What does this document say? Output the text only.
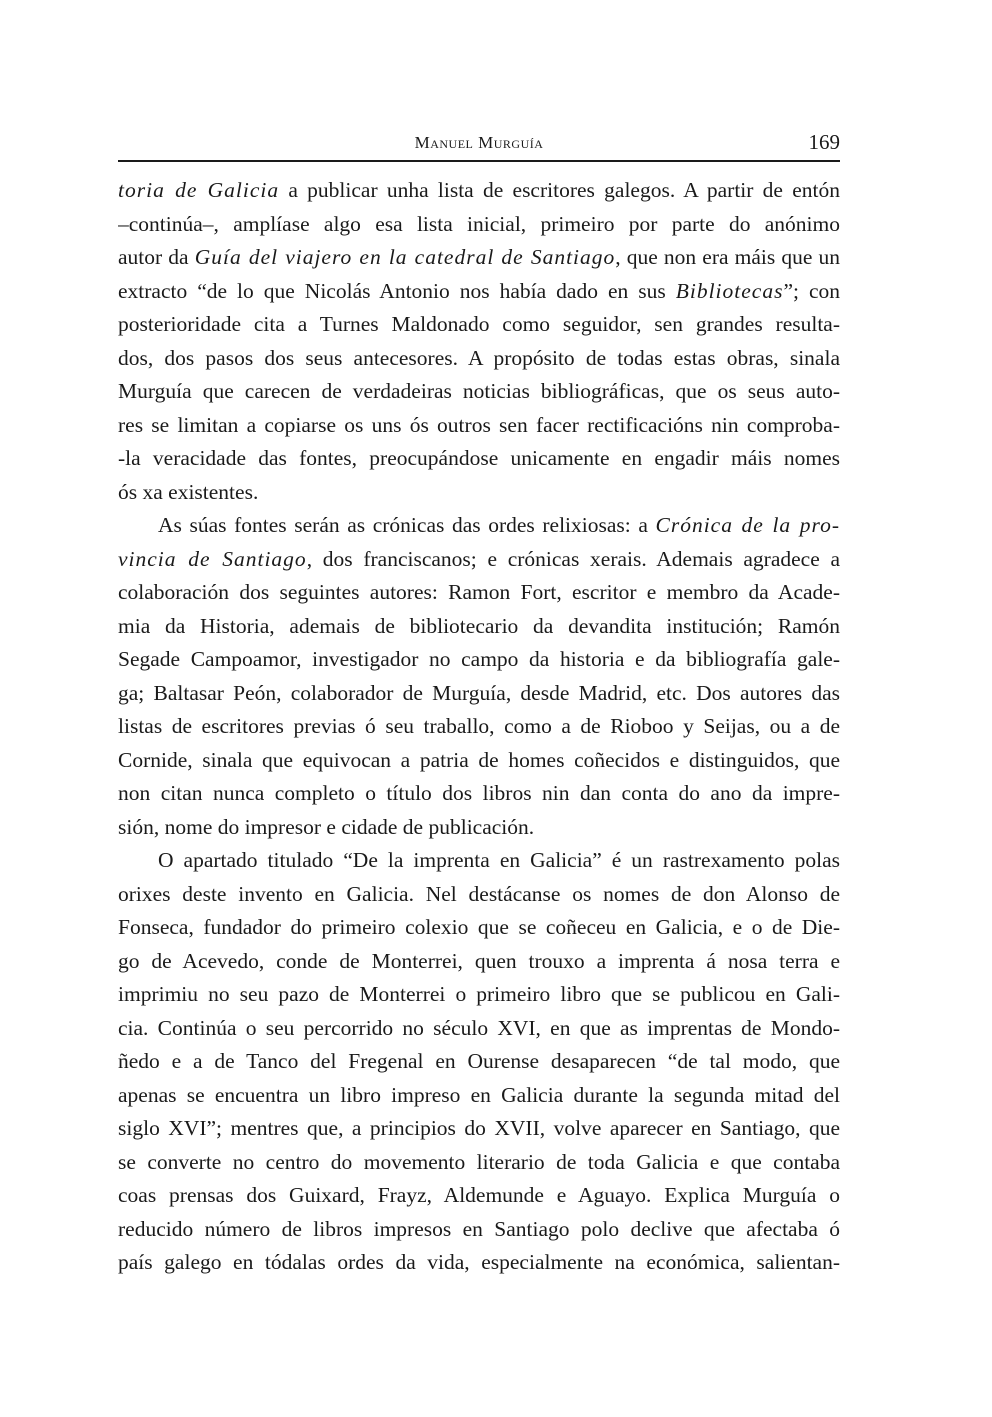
Manuel Murguía	169
toria de Galicia a publicar unha lista de escritores galegos. A partir de entón
–continúa–, amplíase algo esa lista inicial, primeiro por parte do anónimo
autor da Guía del viajero en la catedral de Santiago, que non era máis que un
extracto “de lo que Nicolás Antonio nos había dado en sus Bibliotecas”; con
posterioridade cita a Turnes Maldonado como seguidor, sen grandes resulta-
dos, dos pasos dos seus antecesores. A propósito de todas estas obras, sinala
Murguía que carecen de verdadeiras noticias bibliográficas, que os seus auto-
res se limitan a copiarse os uns ós outros sen facer rectificacións nin comproba-
-la veracidade das fontes, preocupándose unicamente en engadir máis nomes
ós xa existentes.
As súas fontes serán as crónicas das ordes relixiosas: a Crónica de la pro-
vincia de Santiago, dos franciscanos; e crónicas xerais. Ademais agradece a
colaboración dos seguintes autores: Ramon Fort, escritor e membro da Acade-
mia da Historia, ademais de bibliotecario da devandita institución; Ramón
Segade Campoamor, investigador no campo da historia e da bibliografía gale-
ga; Baltasar Peón, colaborador de Murguía, desde Madrid, etc. Dos autores das
listas de escritores previas ó seu traballo, como a de Rioboo y Seijas, ou a de
Cornide, sinala que equivocan a patria de homes coñecidos e distinguidos, que
non citan nunca completo o título dos libros nin dan conta do ano da impre-
sión, nome do impresor e cidade de publicación.
O apartado titulado “De la imprenta en Galicia” é un rastrexamento polas
orixes deste invento en Galicia. Nel destácanse os nomes de don Alonso de
Fonseca, fundador do primeiro colexio que se coñeceu en Galicia, e o de Die-
go de Acevedo, conde de Monterrei, quen trouxo a imprenta á nosa terra e
imprimiu no seu pazo de Monterrei o primeiro libro que se publicou en Gali-
cia. Continúa o seu percorrido no século XVI, en que as imprentas de Mondo-
ñedo e a de Tanco del Fregenal en Ourense desaparecen “de tal modo, que
apenas se encuentra un libro impreso en Galicia durante la segunda mitad del
siglo XVI”; mentres que, a principios do XVII, volve aparecer en Santiago, que
se converte no centro do movemento literario de toda Galicia e que contaba
coas prensas dos Guixard, Frayz, Aldemunde e Aguayo. Explica Murguía o
reducido número de libros impresos en Santiago polo declive que afectaba ó
país galego en tódalas ordes da vida, especialmente na económica, salientan-
